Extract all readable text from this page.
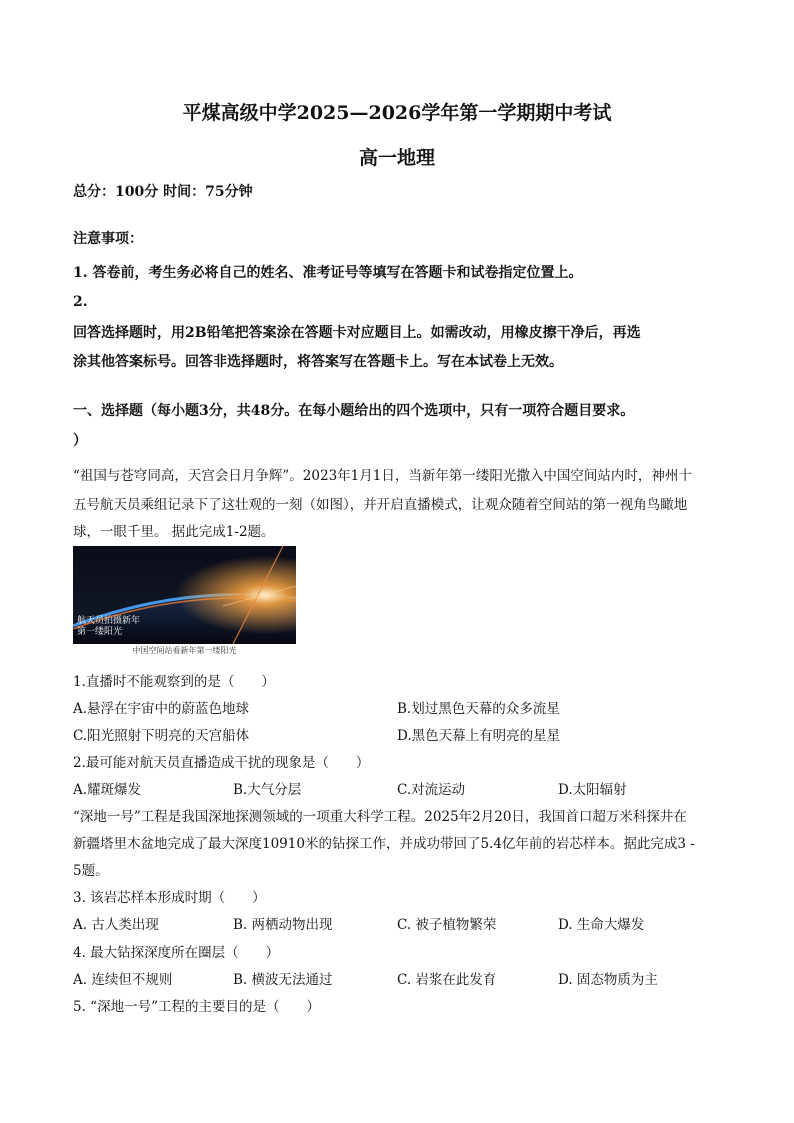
平煤高级中学2025—2026学年第一学期期中考试
高一地理
总分：100分 时间：75分钟
注意事项：
1. 答卷前，考生务必将自己的姓名、准考证号等填写在答题卡和试卷指定位置上。
2.
回答选择题时，用2B铅笔把答案涂在答题卡对应题目上。如需改动，用橡皮擦干净后，再选
涂其他答案标号。回答非选择题时，将答案写在答题卡上。写在本试卷上无效。
一、选择题（每小题3分，共48分。在每小题给出的四个选项中，只有一项符合题目要求。
）
“祖国与苍穹同高，天宫会日月争辉”。2023年1月1日，当新年第一缕阳光撒入中国空间站内时，神州十
五号航天员乘组记录下了这壮观的一刻（如图），并开启直播模式，让观众随着空间站的第一视角鸟瞰地
球，一眼千里。 据此完成1-2题。
航天员拍摄新年
第一缕阳光
中国空间站看新年第一缕阳光
1.直播时不能观察到的是（　　）
A.悬浮在宇宙中的蔚蓝色地球	B.划过黑色天幕的众多流星
C.阳光照射下明亮的天宫船体	D.黑色天幕上有明亮的星星
2.最可能对航天员直播造成干扰的现象是（　　）
A.耀斑爆发	B.大气分层	C.对流运动	D.太阳辐射
“深地一号”工程是我国深地探测领域的一项重大科学工程。2025年2月20日，我国首口超万米科探井在
新疆塔里木盆地完成了最大深度10910米的钻探工作，并成功带回了5.4亿年前的岩芯样本。据此完成3 -
5题。
3. 该岩芯样本形成时期（　　）
A. 古人类出现	B. 两栖动物出现	C. 被子植物繁荣	D. 生命大爆发
4. 最大钻探深度所在圈层（　　）
A. 连续但不规则	B. 横波无法通过	C. 岩浆在此发育	D. 固态物质为主
5. “深地一号”工程的主要目的是（　　）
